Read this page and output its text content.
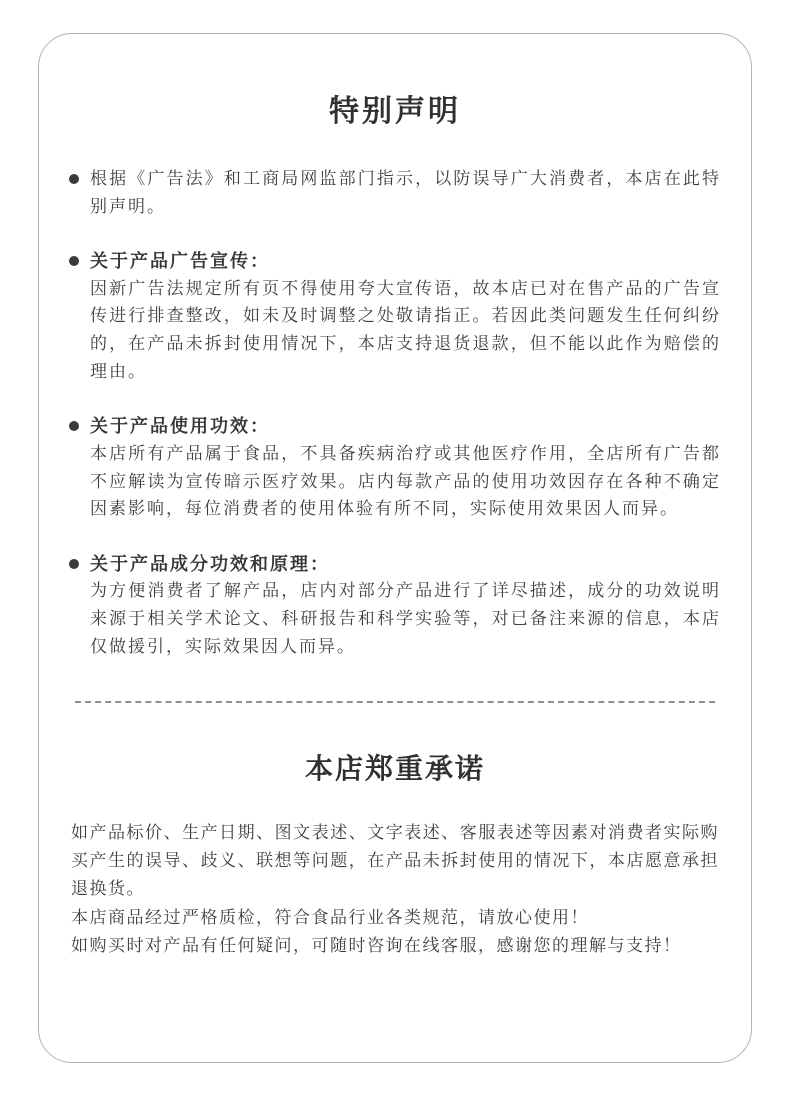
特别声明

根据《广告法》和工商局网监部门指示，以防误导广大消费者，本店在此特别声明。

关于产品广告宣传：

因新广告法规定所有页不得使用夸大宣传语，故本店已对在售产品的广告宣传进行排查整改，如未及时调整之处敬请指正。若因此类问题发生任何纠纷的，在产品未拆封使用情况下，本店支持退货退款，但不能以此作为赔偿的理由。

关于产品使用功效：

本店所有产品属于食品，不具备疾病治疗或其他医疗作用，全店所有广告都不应解读为宣传暗示医疗效果。店内每款产品的使用功效因存在各种不确定因素影响，每位消费者的使用体验有所不同，实际使用效果因人而异。

关于产品成分功效和原理：

为方便消费者了解产品，店内对部分产品进行了详尽描述，成分的功效说明来源于相关学术论文、科研报告和科学实验等，对已备注来源的信息，本店仅做援引，实际效果因人而异。

本店郑重承诺

如产品标价、生产日期、图文表述、文字表述、客服表述等因素对消费者实际购买产生的误导、歧义、联想等问题，在产品未拆封使用的情况下，本店愿意承担退换货。

本店商品经过严格质检，符合食品行业各类规范，请放心使用！

如购买时对产品有任何疑问，可随时咨询在线客服，感谢您的理解与支持！
